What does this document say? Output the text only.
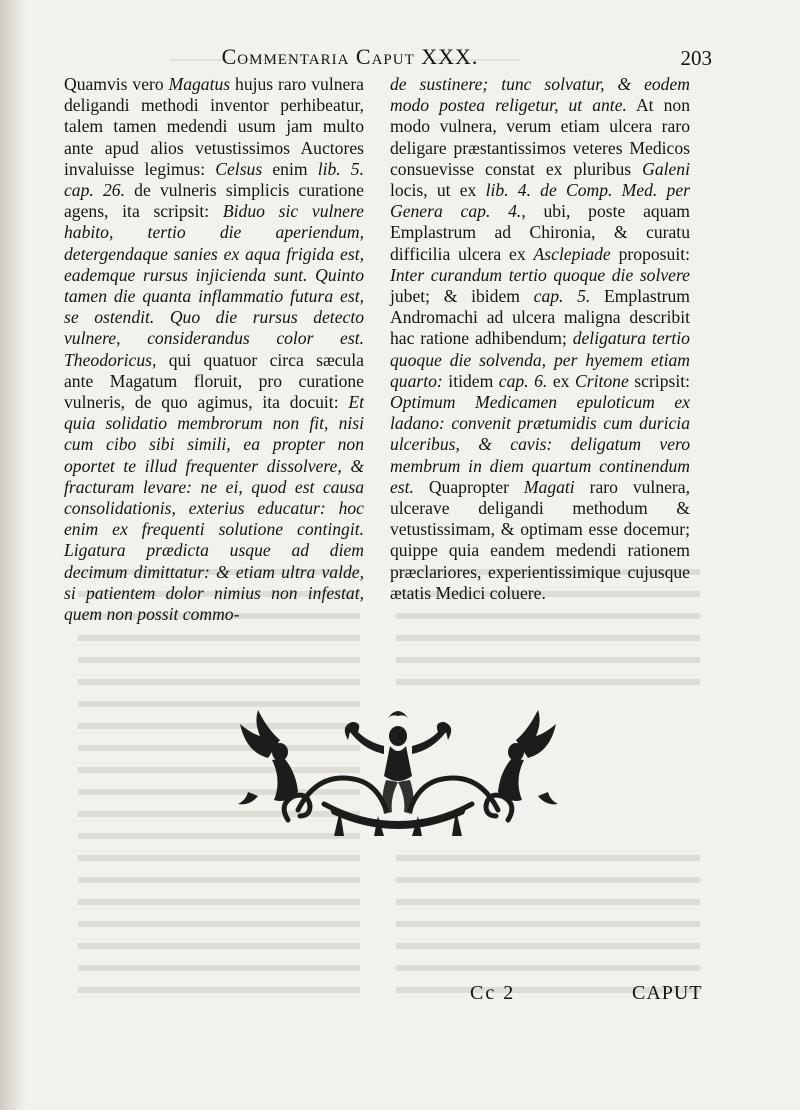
Commentaria Caput XXX.	203

Quamvis vero Magatus hujus raro vulnera deligandi methodi inventor perhibeatur, talem tamen medendi usum jam multo ante apud alios vetustissimos Auctores invaluisse legimus: Celsus enim lib. 5. cap. 26. de vulneris simplicis curatione agens, ita scripsit: Biduo sic vulnere habito, tertio die aperiendum, detergendaque sanies ex aqua frigida est, eademque rursus injicienda sunt. Quinto tamen die quanta inflammatio futura est, se ostendit. Quo die rursus detecto vulnere, considerandus color est. Theodoricus, qui quatuor circa sæcula ante Magatum floruit, pro curatione vulneris, de quo agimus, ita docuit: Et quia solidatio membrorum non fit, nisi cum cibo sibi simili, ea propter non oportet te illud frequenter dissolvere, & fracturam levare: ne ei, quod est causa consolidationis, exterius educatur: hoc enim ex frequenti solutione contingit. Ligatura prædicta usque ad diem decimum dimittatur: & etiam ultra valde, si patientem dolor nimius non infestat, quem non possit commo-

de sustinere; tunc solvatur, & eodem modo postea religetur, ut ante. At non modo vulnera, verum etiam ulcera raro deligare præstantissimos veteres Medicos consuevisse constat ex pluribus Galeni locis, ut ex lib. 4. de Comp. Med. per Genera cap. 4., ubi, poste aquam Emplastrum ad Chironia, & curatu difficilia ulcera ex Asclepiade proposuit: Inter curandum tertio quoque die solvere jubet; & ibidem cap. 5. Emplastrum Andromachi ad ulcera maligna describit hac ratione adhibendum; deligatura tertio quoque die solvenda, per hyemem etiam quarto: itidem cap. 6. ex Critone scripsit: Optimum Medicamen epuloticum ex ladano: convenit prætumidis cum duricia ulceribus, & cavis: deligatum vero membrum in diem quartum continendum est. Quapropter Magati raro vulnera, ulcerave deligandi methodum & vetustissimam, & optimam esse docemur; quippe quia eandem medendi rationem præclariores, experientissimique cujusque ætatis Medici coluere.

Cc 2	CAPUT
